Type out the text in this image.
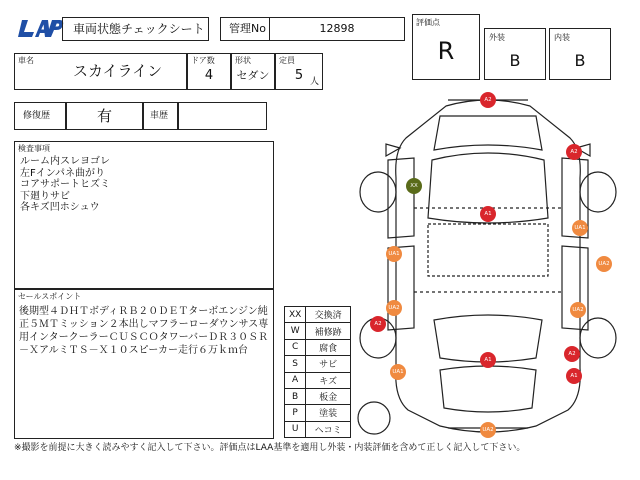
車両状態チェックシート	管理No	12898	評価点
R	外装
B
内装
B
車名
スカイライン
ドア数
4
形状
セダン
定員
5 人
修復歴	有	車歴
検査事項
ルーム内スレヨゴレ
左Fインパネ曲がり
コアサポートヒズミ
下廻りサビ
各キズ凹ホシュウ
セールスポイント
後期型４ＤＨＴボディＲＢ２０ＤＥＴターボエンジン純正５ＭＴミッション２本出しマフラーローダウンサス専用インタークーラーＣＵＳＣＯタワーバーＤＲ３０ＳＲ－ＸアルミＴＳ－Ｘ１０スピーカー走行６万ｋｍ台
XX	交換済
W	補修跡
C	腐食
S	サビ
A	キズ
B	板金
P	塗装
U	ヘコミ
A2
A2
XX
A1
UA1
UA1
UA2
UA2	UA2
A2
A2
UA1
A1
A1
UA2
※撮影を前提に大きく読みやすく記入して下さい。評価点はLAA基準を適用し外装・内装評価を含めて正しく記入して下さい。
